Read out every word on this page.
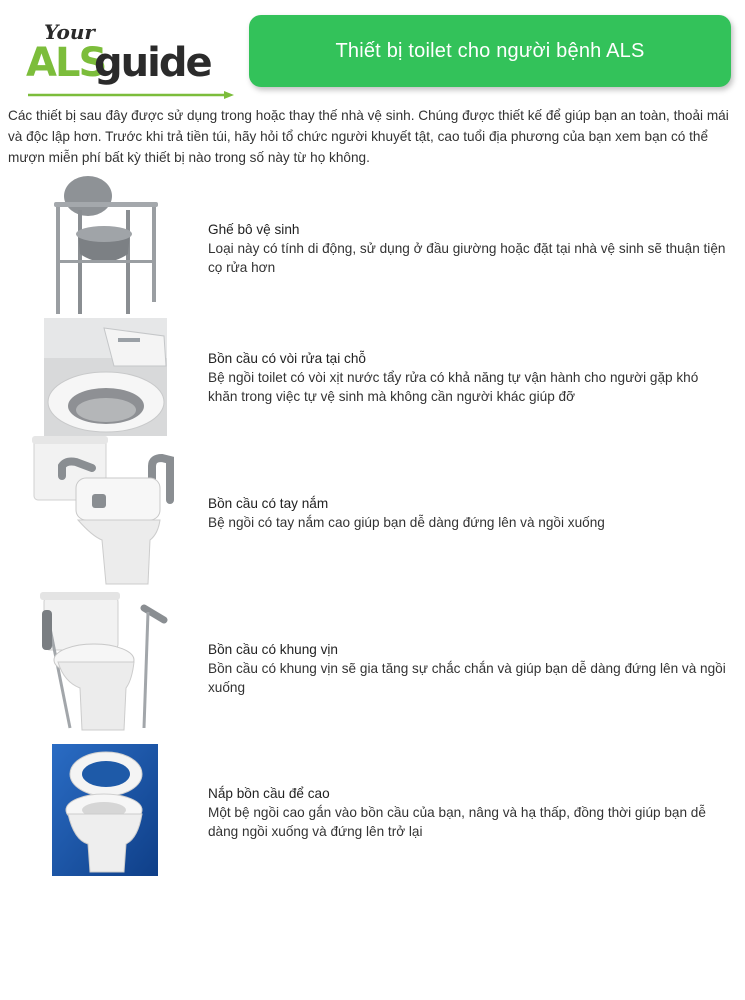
Your
ALS
guide	Thiết bị toilet cho người bệnh ALS
Các thiết bị sau đây được sử dụng trong hoặc thay thế nhà vệ sinh. Chúng được thiết kế để giúp bạn an toàn, thoải mái và độc lập hơn. Trước khi trả tiền túi, hãy hỏi tổ chức người khuyết tật, cao tuổi địa phương của bạn xem bạn có thể mượn miễn phí bất kỳ thiết bị nào trong số này từ họ không.
Ghế bô vệ sinh
Loại này có tính di động, sử dụng ở đầu giường hoặc đặt tại nhà vệ sinh sẽ thuận tiện cọ rửa hơn
Bồn cầu có vòi rửa tại chỗ
Bệ ngồi toilet có vòi xịt nước tẩy rửa có khả năng tự vận hành cho người gặp khó khăn trong việc tự vệ sinh mà không cần người khác giúp đỡ
Bồn cầu có tay nắm
Bệ ngồi có tay nắm cao giúp bạn dễ dàng đứng lên và ngồi xuống
Bồn cầu có khung vịn
Bồn cầu có khung vịn sẽ gia tăng sự chắc chắn và giúp bạn dễ dàng đứng lên và ngồi xuống
Nắp bồn cầu để cao
Một bệ ngồi cao gắn vào bồn cầu của bạn, nâng và hạ thấp, đồng thời giúp bạn dễ dàng ngồi xuống và đứng lên trở lại
